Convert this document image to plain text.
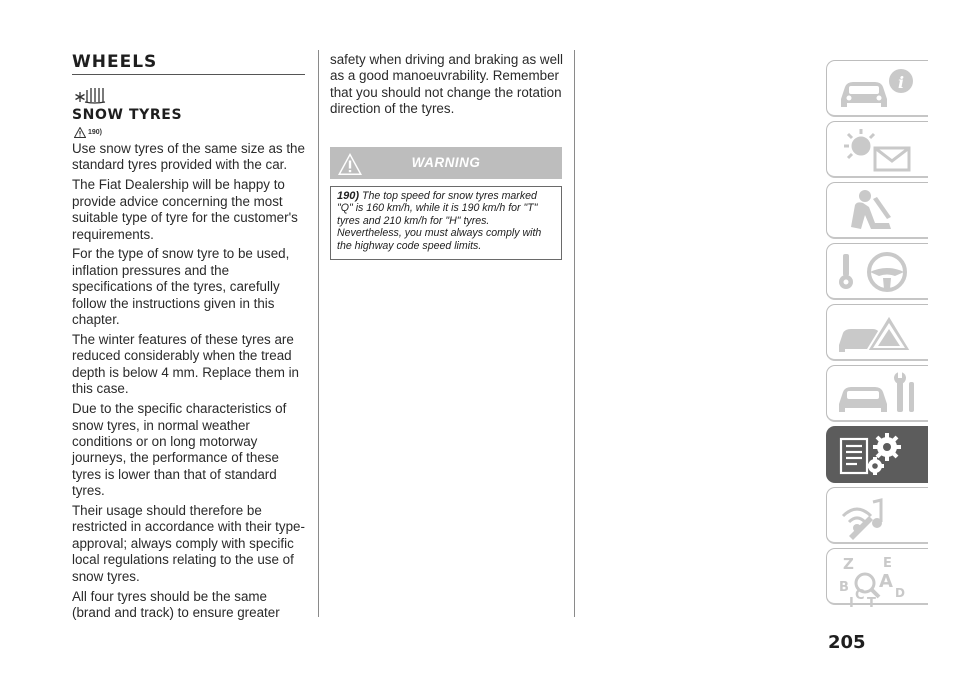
WHEELS
SNOW TYRES
190)

Use snow tyres of the same size as the standard tyres provided with the car.

The Fiat Dealership will be happy to provide advice concerning the most suitable type of tyre for the customer's requirements.

For the type of snow tyre to be used, inflation pressures and the specifications of the tyres, carefully follow the instructions given in this chapter.

The winter features of these tyres are reduced considerably when the tread depth is below 4 mm. Replace them in this case.

Due to the specific characteristics of snow tyres, in normal weather conditions or on long motorway journeys, the performance of these tyres is lower than that of standard tyres.

Their usage should therefore be restricted in accordance with their type-approval; always comply with specific local regulations relating to the use of snow tyres.

All four tyres should be the same (brand and track) to ensure greater

safety when driving and braking as well as a good manoeuvrability. Remember that you should not change the rotation direction of the tyres.

WARNING
190) The top speed for snow tyres marked "Q" is 160 km/h, while it is 190 km/h for "T" tyres and 210 km/h for "H" tyres. Nevertheless, you must always comply with the highway code speed limits.
i
Z E
A
B
C	D
T
I
205
